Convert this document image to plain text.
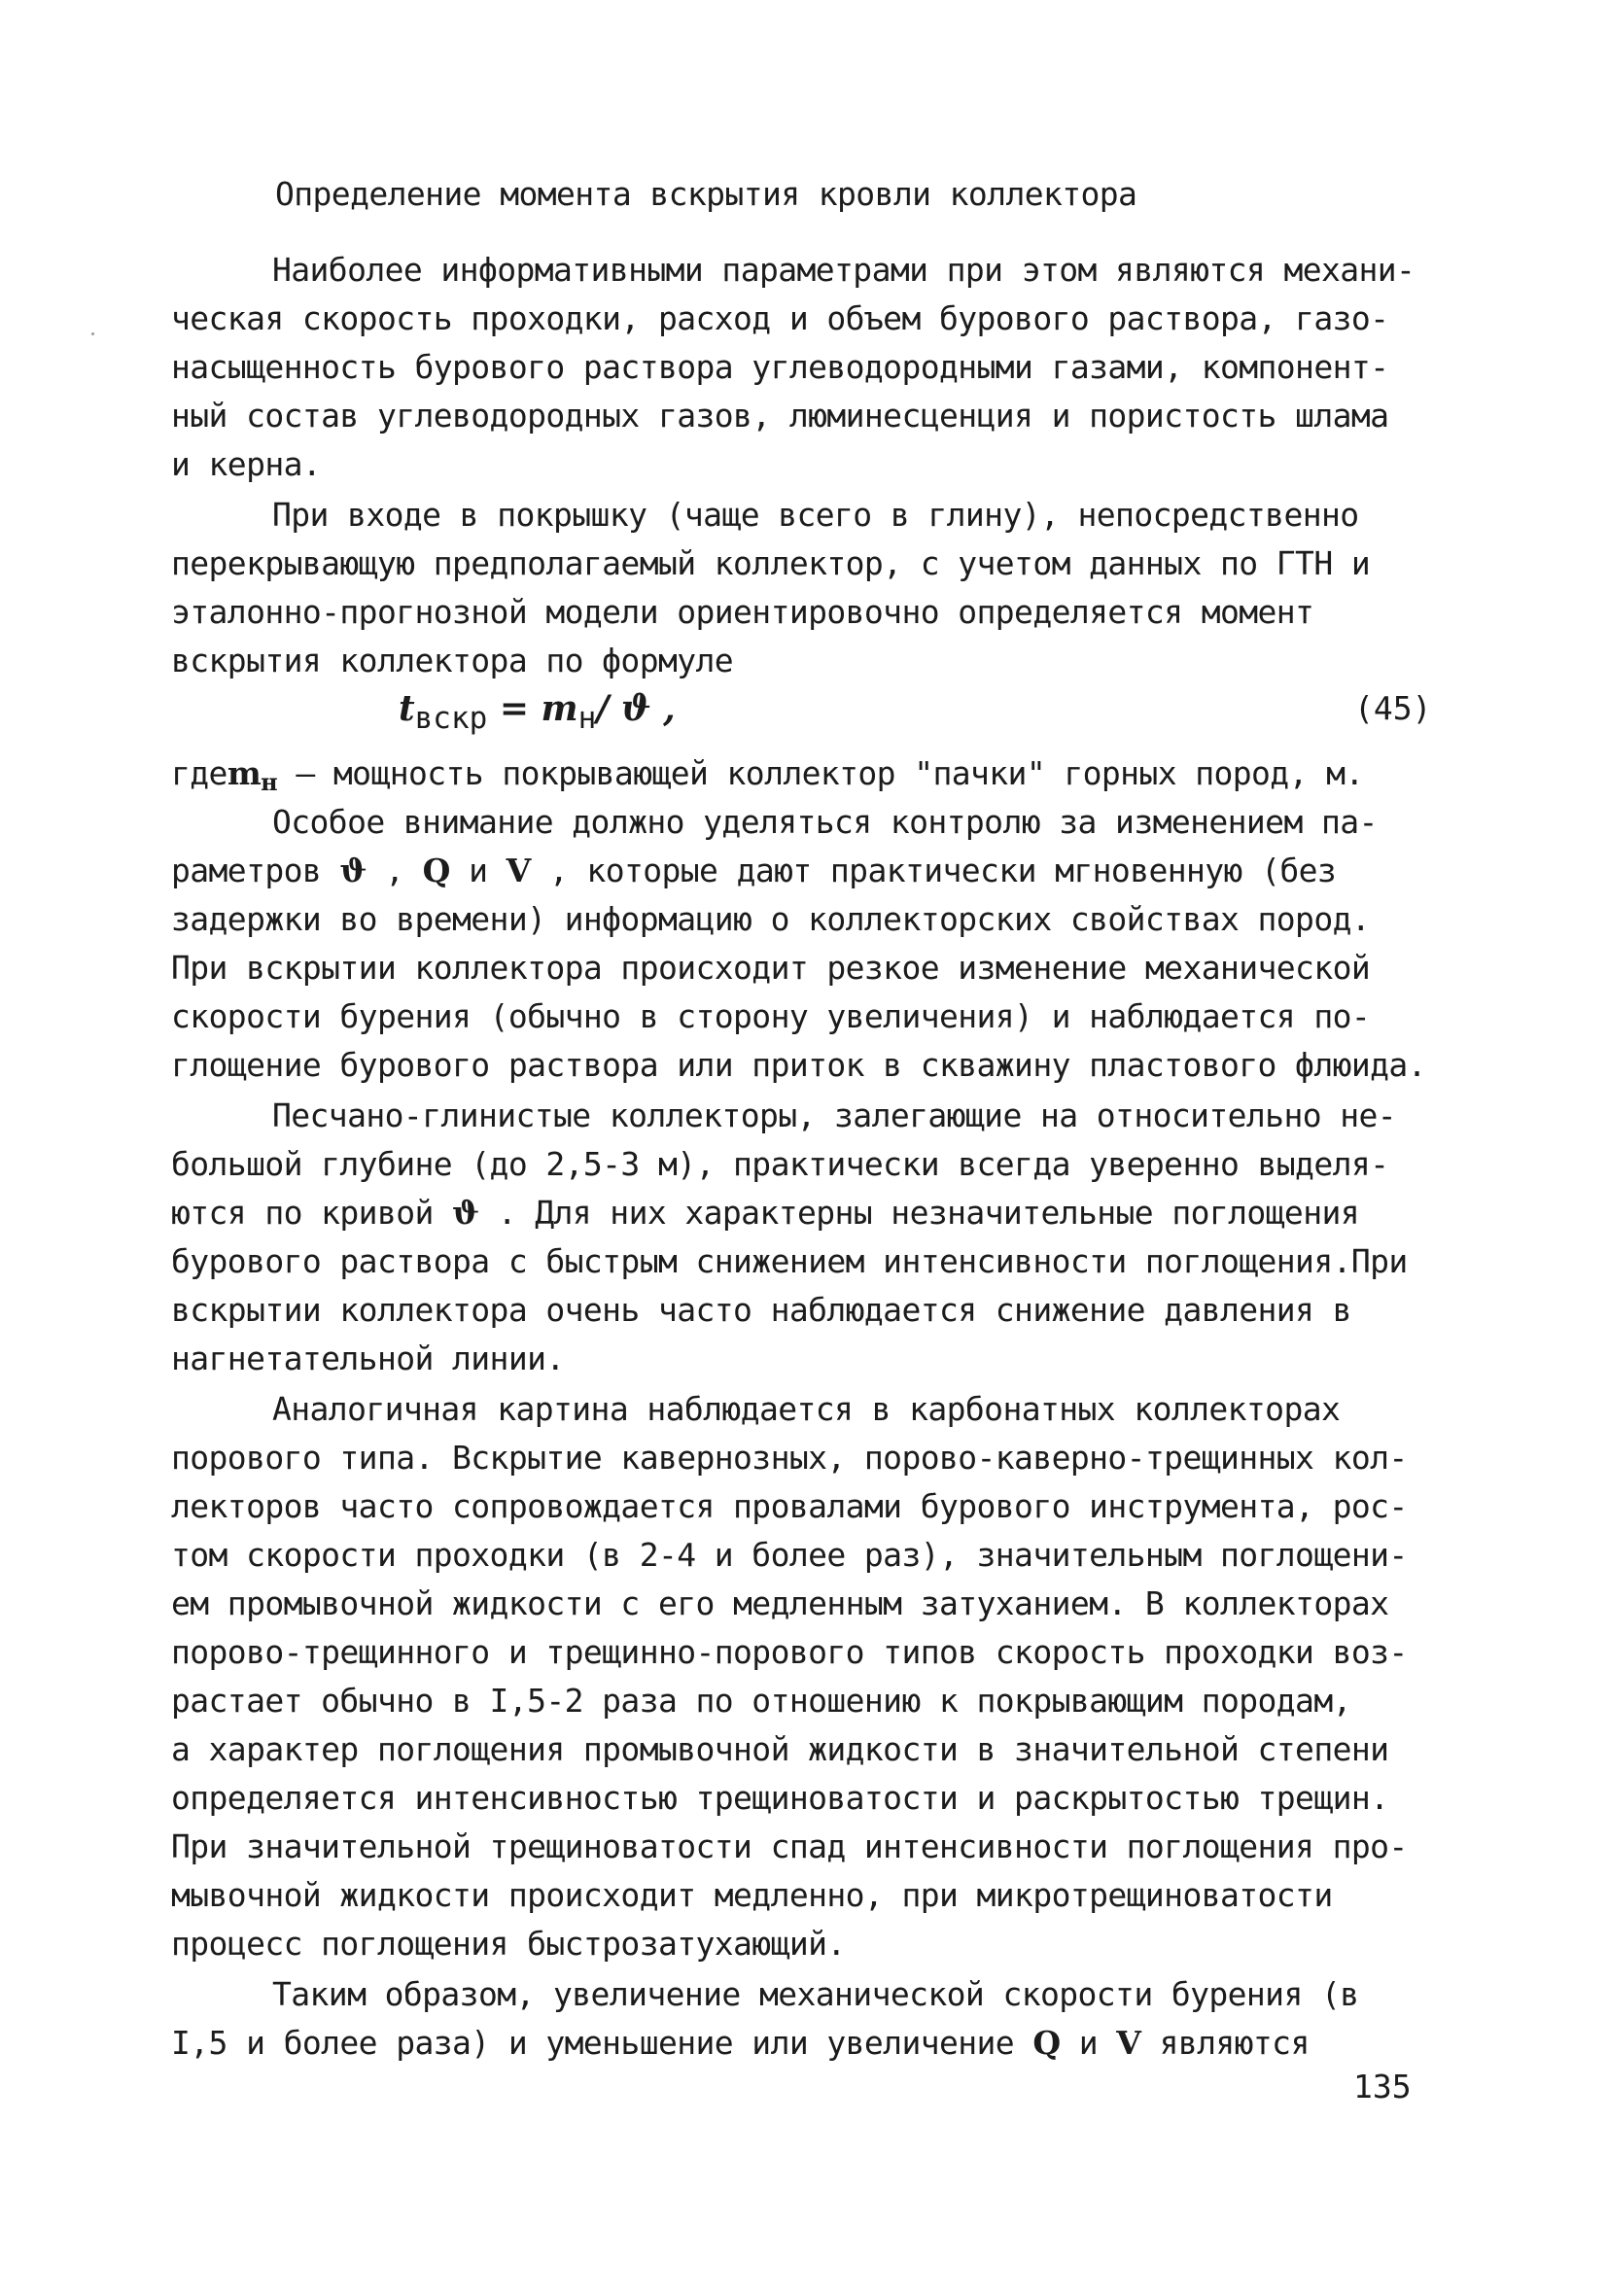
Определение момента вскрытия кровли коллектора
Наиболее информативными параметрами при этом являются механи-
ческая скорость проходки, расход и объем бурового раствора, газо-
насыщенность бурового раствора углеводородными газами, компонент-
ный состав углеводородных газов, люминесценция и пористость шлама
и керна.
При входе в покрышку (чаще всего в глину), непосредственно
перекрывающую предполагаемый коллектор, с учетом данных по ГТН и
эталонно-прогнозной модели ориентировочно определяется момент
вскрытия коллектора по формуле
tвскр = mн/ ϑ ,	(45)
гдеmн – мощность покрывающей коллектор "пачки" горных пород, м.
Особое внимание должно уделяться контролю за изменением па-
раметров ϑ , Q и V , которые дают практически мгновенную (без
задержки во времени) информацию о коллекторских свойствах пород.
При вскрытии коллектора происходит резкое изменение механической
скорости бурения (обычно в сторону увеличения) и наблюдается по-
глощение бурового раствора или приток в скважину пластового флюида.
Песчано-глинистые коллекторы, залегающие на относительно не-
большой глубине (до 2,5-3 м), практически всегда уверенно выделя-
ются по кривой ϑ . Для них характерны незначительные поглощения
бурового раствора с быстрым снижением интенсивности поглощения.При
вскрытии коллектора очень часто наблюдается снижение давления в
нагнетательной линии.
Аналогичная картина наблюдается в карбонатных коллекторах
порового типа. Вскрытие кавернозных, порово-каверно-трещинных кол-
лекторов часто сопровождается провалами бурового инструмента, рос-
том скорости проходки (в 2-4 и более раз), значительным поглощени-
ем промывочной жидкости с его медленным затуханием. В коллекторах
порово-трещинного и трещинно-порового типов скорость проходки воз-
растает обычно в I,5-2 раза по отношению к покрывающим породам,
а характер поглощения промывочной жидкости в значительной степени
определяется интенсивностью трещиноватости и раскрытостью трещин.
При значительной трещиноватости спад интенсивности поглощения про-
мывочной жидкости происходит медленно, при микротрещиноватости
процесс поглощения быстрозатухающий.
Таким образом, увеличение механической скорости бурения (в
I,5 и более раза) и уменьшение или увеличение Q и V являются
135
